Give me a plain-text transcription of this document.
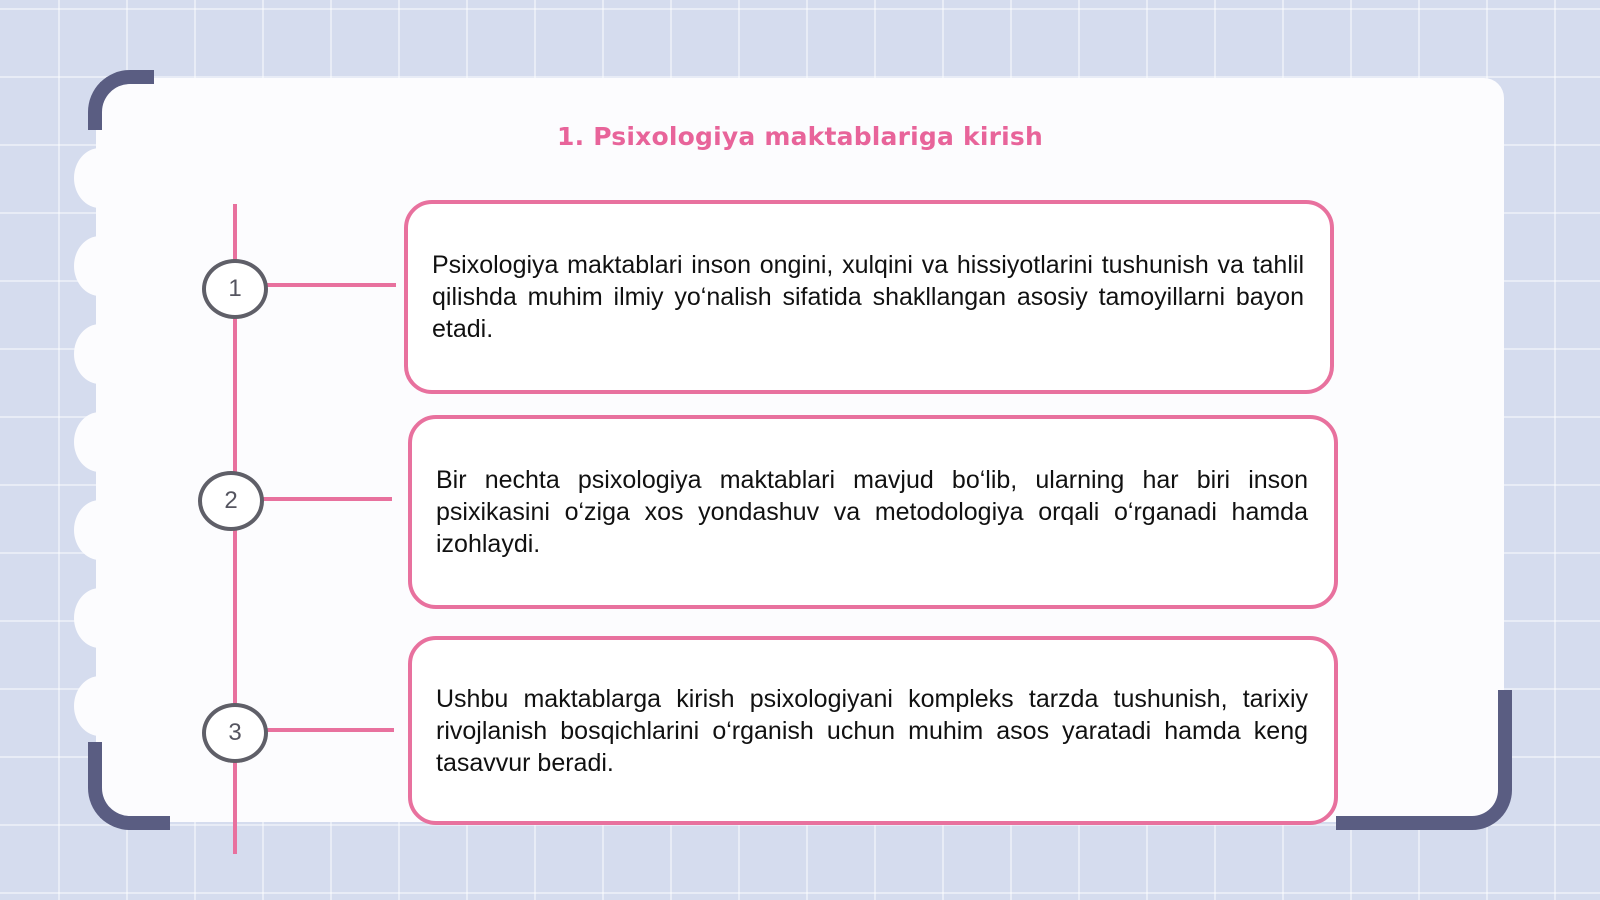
1. Psixologiya maktablariga kirish
1
Psixologiya maktablari inson ongini, xulqini va hissiyotlarini tushunish va tahlil qilishda muhim ilmiy yo‘nalish sifatida shakllangan asosiy tamoyillarni bayon etadi.
2
Bir nechta psixologiya maktablari mavjud bo‘lib, ularning har biri inson psixikasini o‘ziga xos yondashuv va metodologiya orqali o‘rganadi hamda izohlaydi.
3
Ushbu maktablarga kirish psixologiyani kompleks tarzda tushunish, tarixiy rivojlanish bosqichlarini o‘rganish uchun muhim asos yaratadi hamda keng tasavvur beradi.
